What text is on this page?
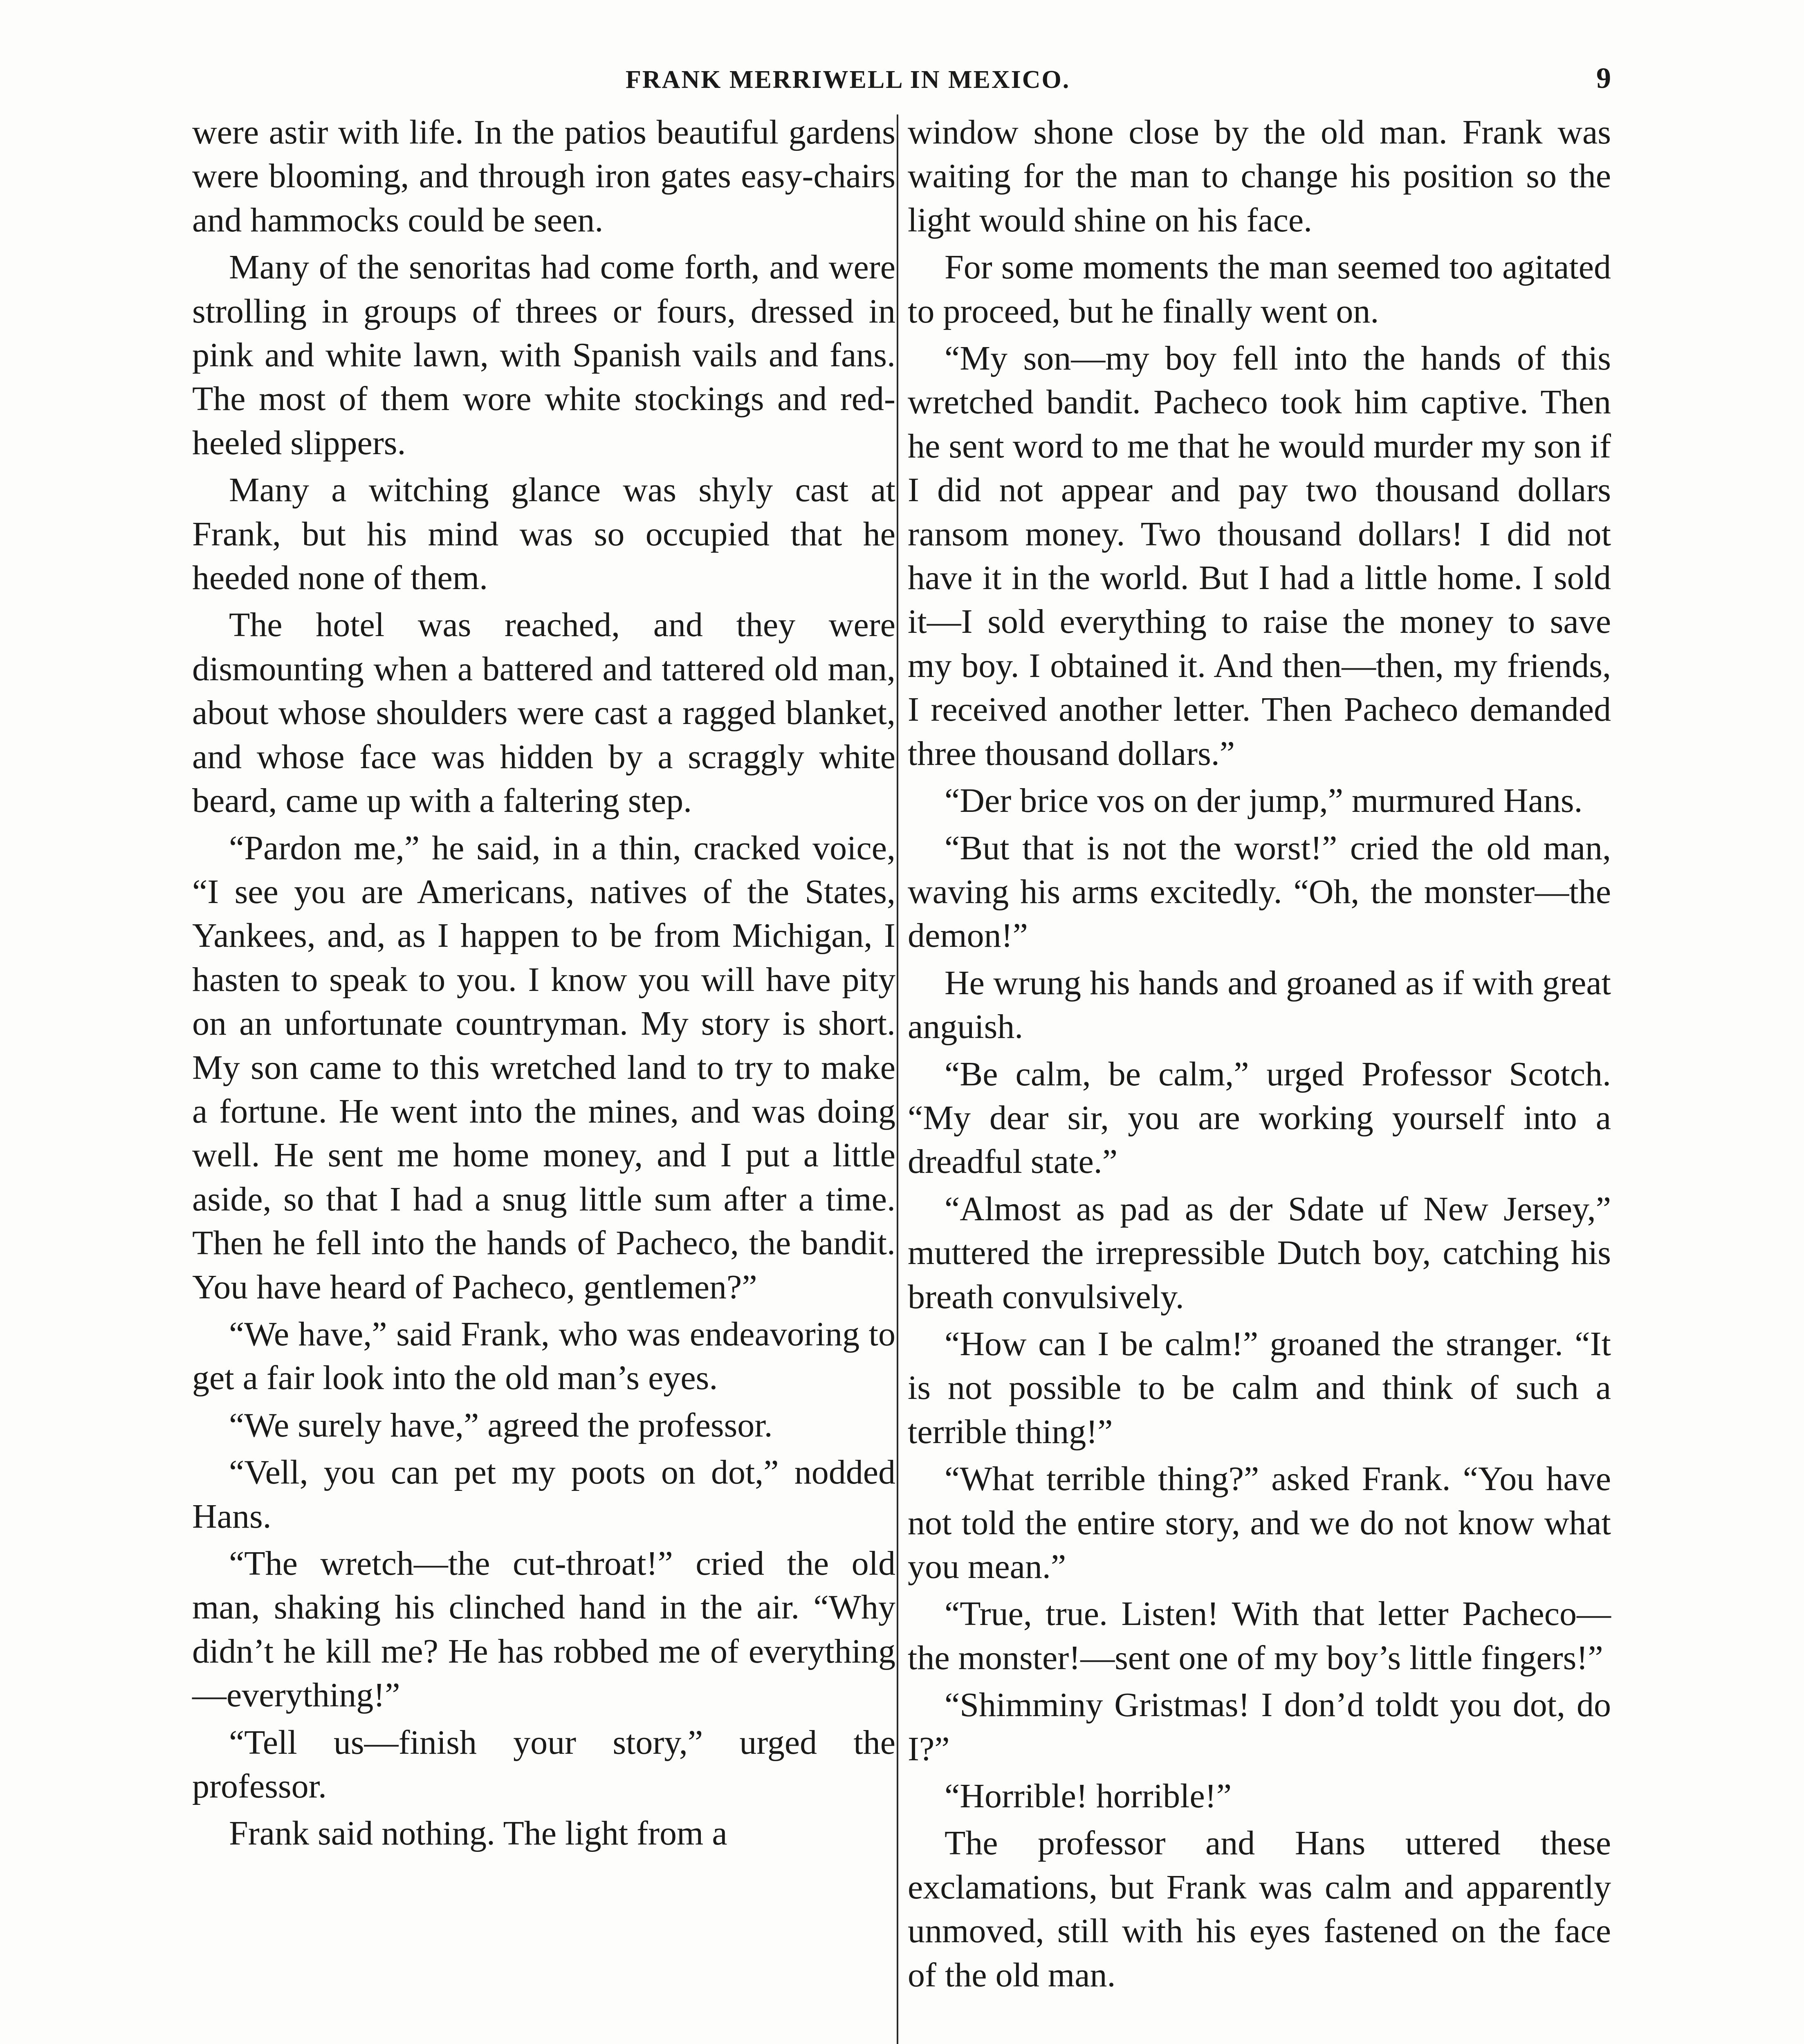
FRANK MERRIWELL IN MEXICO.	9

were astir with life. In the patios beautiful gardens were blooming, and through iron gates easy-chairs and hammocks could be seen.

Many of the senoritas had come forth, and were strolling in groups of threes or fours, dressed in pink and white lawn, with Spanish vails and fans. The most of them wore white stockings and red-heeled slippers.

Many a witching glance was shyly cast at Frank, but his mind was so occupied that he heeded none of them.

The hotel was reached, and they were dismounting when a battered and tattered old man, about whose shoulders were cast a ragged blanket, and whose face was hidden by a scraggly white beard, came up with a faltering step.

“Pardon me,” he said, in a thin, cracked voice, “I see you are Americans, natives of the States, Yankees, and, as I happen to be from Michigan, I hasten to speak to you. I know you will have pity on an unfortunate countryman. My story is short. My son came to this wretched land to try to make a fortune. He went into the mines, and was doing well. He sent me home money, and I put a little aside, so that I had a snug little sum after a time. Then he fell into the hands of Pacheco, the bandit. You have heard of Pacheco, gentlemen?”

“We have,” said Frank, who was endeavoring to get a fair look into the old man’s eyes.

“We surely have,” agreed the professor.

“Vell, you can pet my poots on dot,” nodded Hans.

“The wretch—the cut-throat!” cried the old man, shaking his clinched hand in the air. “Why didn’t he kill me? He has robbed me of everything—everything!”

“Tell us—finish your story,” urged the professor.

Frank said nothing. The light from a

window shone close by the old man. Frank was waiting for the man to change his position so the light would shine on his face.

For some moments the man seemed too agitated to proceed, but he finally went on.

“My son—my boy fell into the hands of this wretched bandit. Pacheco took him captive. Then he sent word to me that he would murder my son if I did not appear and pay two thousand dollars ransom money. Two thousand dollars! I did not have it in the world. But I had a little home. I sold it—I sold everything to raise the money to save my boy. I obtained it. And then—then, my friends, I received another letter. Then Pacheco demanded three thousand dollars.”

“Der brice vos on der jump,” murmured Hans.

“But that is not the worst!” cried the old man, waving his arms excitedly. “Oh, the monster—the demon!”

He wrung his hands and groaned as if with great anguish.

“Be calm, be calm,” urged Professor Scotch. “My dear sir, you are working yourself into a dreadful state.”

“Almost as pad as der Sdate uf New Jersey,” muttered the irrepressible Dutch boy, catching his breath convulsively.

“How can I be calm!” groaned the stranger. “It is not possible to be calm and think of such a terrible thing!”

“What terrible thing?” asked Frank. “You have not told the entire story, and we do not know what you mean.”

“True, true. Listen! With that letter Pacheco—the monster!—sent one of my boy’s little fingers!”

“Shimminy Gristmas! I don’d toldt you dot, do I?”

“Horrible! horrible!”

The professor and Hans uttered these exclamations, but Frank was calm and apparently unmoved, still with his eyes fastened on the face of the old man.
